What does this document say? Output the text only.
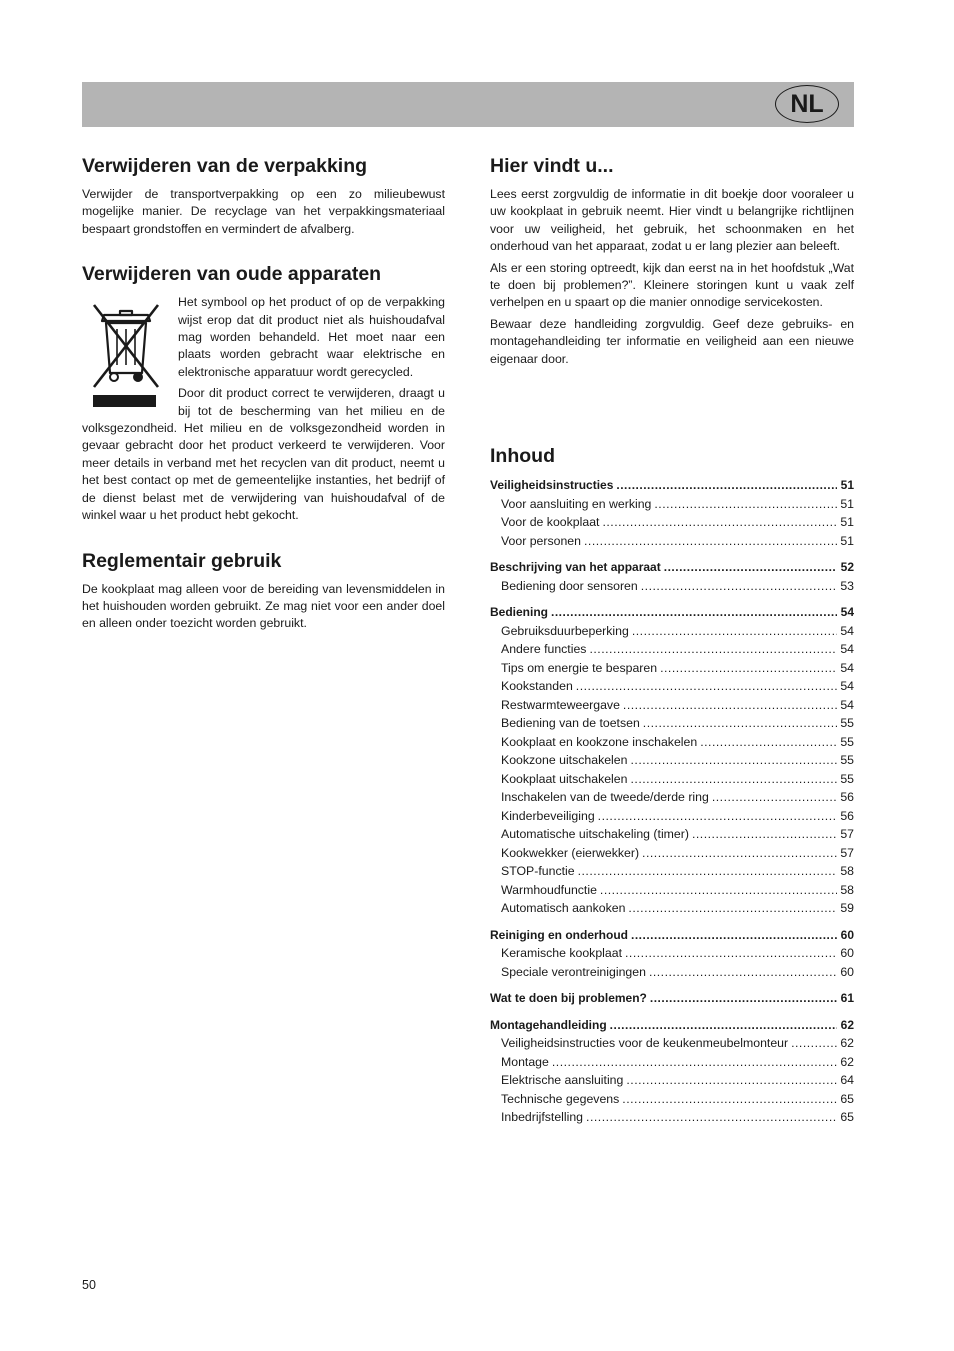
NL
Verwijderen van de verpakking

Verwijder de transportverpakking op een zo milieubewust mogelijke manier. De recyclage van het verpakkingsmateriaal bespaart grondstoffen en vermindert de afvalberg.

Verwijderen van oude apparaten

Het symbool op het product of op de verpakking wijst erop dat dit product niet als huishoudafval mag worden behandeld. Het moet naar een plaats worden gebracht waar elektrische en elektronische apparatuur wordt gerecycled.

Door dit product correct te verwijderen, draagt u bij tot de bescherming van het milieu en de volksgezondheid. Het milieu en de volksgezondheid worden in gevaar gebracht door het product verkeerd te verwijderen. Voor meer details in verband met het recyclen van dit product, neemt u het best contact op met de gemeentelijke instanties, het bedrijf of de dienst belast met de verwijdering van huishoudafval of de winkel waar u het product hebt gekocht.

Reglementair gebruik

De kookplaat mag alleen voor de bereiding van levensmiddelen in het huishouden worden gebruikt. Ze mag niet voor een ander doel en alleen onder toezicht worden gebruikt.

Hier vindt u...

Lees eerst zorgvuldig de informatie in dit boekje door vooraleer u uw kookplaat in gebruik neemt. Hier vindt u belangrijke richtlijnen voor uw veiligheid, het gebruik, het schoonmaken en het onderhoud van het apparaat, zodat u er lang plezier aan beleeft.

Als er een storing optreedt, kijk dan eerst na in het hoofdstuk „Wat te doen bij problemen?”. Kleinere storingen kunt u vaak zelf verhelpen en u spaart op die manier onnodige servicekosten.

Bewaar deze handleiding zorgvuldig. Geef deze gebruiks- en montagehandleiding ter informatie en veiligheid aan een nieuwe eigenaar door.

Inhoud
Veiligheidsinstructies .....	51
Voor aansluiting en werking .....	51
Voor de kookplaat .....	51
Voor personen .....	51
Beschrijving van het apparaat .....	52
Bediening door sensoren .....	53
Bediening .....	54
Gebruiksduurbeperking .....	54
Andere functies .....	54
Tips om energie te besparen .....	54
Kookstanden .....	54
Restwarmteweergave .....	54
Bediening van de toetsen .....	55
Kookplaat en kookzone inschakelen .....	55
Kookzone uitschakelen .....	55
Kookplaat uitschakelen .....	55
Inschakelen van de tweede/derde ring .....	56
Kinderbeveiliging .....	56
Automatische uitschakeling (timer) .....	57
Kookwekker (eierwekker) .....	57
STOP-functie .....	58
Warmhoudfunctie .....	58
Automatisch aankoken .....	59
Reiniging en onderhoud .....	60
Keramische kookplaat .....	60
Speciale verontreinigingen .....	60
Wat te doen bij problemen? .....	61
Montagehandleiding .....	62
Veiligheidsinstructies voor de keukenmeubelmonteur .....	62
Montage .....	62
Elektrische aansluiting .....	64
Technische gegevens .....	65
Inbedrijfstelling .....	65
50
